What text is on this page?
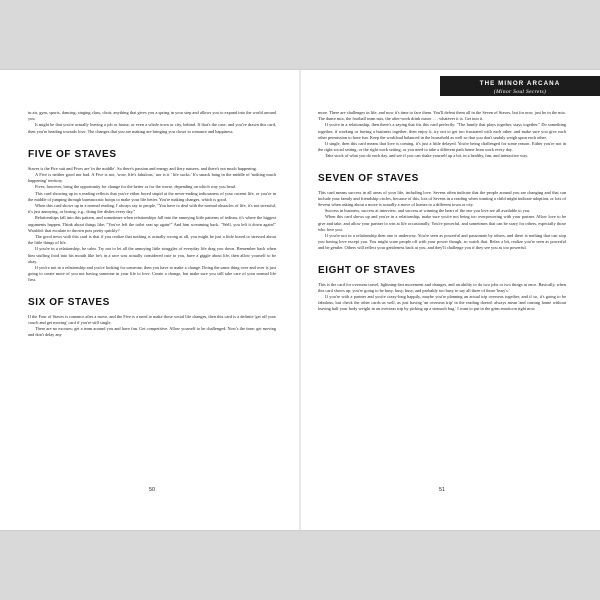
THE MINOR ARCANA
(Minor Soul Secrets)

in air, gym, sports, dancing, singing class, choir, anything that gives you a spring in your step and allows you to expand into the world around you.

It might be that you're actually leaving a job or house, or even a whole town or city, behind. If that's the case, and you've drawn this card, then you're heading towards love. The changes that you are making are bringing you closer to romance and happiness.

FIVE OF STAVES

Staves is the Fire suit and Fives are 'in the middle'. So there's passion and energy and fiery natures, and there's not much happening.

A Five is neither good nor bad. A Five is not, 'wow, life's fabulous,' nor is it ' life sucks.' It's smack bang in the middle of 'nothing much happening' territory.

Fives, however, bring the opportunity for change for the better or for the worse, depending on which way you head.

This card showing up in a reading reflects that you're either bored stupid at the never-ending tediousness of your current life, or you're in the middle of jumping through bureaucratic hoops to make your life better. You're making changes, which is good.

When this card shows up in a normal reading, I always say to people, "You have to deal with the normal obstacles of life, it's not stressful, it's just annoying, or boring, e.g., doing the dishes every day."

Relationships fall into this pattern, and sometimes when relationships fall into the annoying little patterns of tedium, it's where the biggest arguments happen. Think about things like, "You've left the toilet seat up again!" And him screaming back, "Well, you left it down again!" Wouldn't that escalate to thrown pots pretty quickly?

The good news with this card is that if you realize that nothing is actually wrong at all, you might be just a little bored or stressed about the little things of life.

If you're in a relationship, be calm. Try not to let all the annoying little struggles of everyday life drag you down. Remember back when him stuffing food into his mouth like he's in a race was actually considered cute to you, have a giggle about life, then allow yourself to be okay.

If you're not in a relationship and you're looking for someone, then you have to make a change. Doing the same thing over and over is just going to create more of you not having someone in your life to love. Create a change, but make sure you still take care of your normal life first.

SIX OF STAVES

If the Four of Staves is romance after a move, and the Five is a need to make those social life changes, then this card is a definite 'get off your couch and get moving' card if you're still single.

There are no excuses; get a team around you and have fun. Get competitive. Allow yourself to be challenged. Now's the time; get moving and don't delay any

more. There are challenges in life, and now it's time to face them. You'll defeat them all in the Seven of Staves, but for now, just be in the mix. The dance mix, the football team mix, the after-work drink mixer . . . whatever it is. Get into it.

If you're in a relationship, then there's a saying that fits this card perfectly: "The family that plays together, stays together." Do something together, if working or having a business together, then enjoy it, try not to get too frustrated with each other, and make sure you give each other permission to have fun. Keep the workload balanced in the household as well so that you don't unduly weigh upon each other.

If single, then this card means that love is coming, it's just a little delayed. You're being challenged for some reason. Either you're not in the right social setting, or the right work setting, or you need to take a different path home from work every day.

Take stock of what you do each day, and see if you can shake yourself up a bit, in a healthy, fun, and interactive way.

SEVEN OF STAVES

This card means success in all areas of your life, including love. Sevens often indicate that the people around you are changing and that can include your family and friendship circles, because of this, lots of Sevens in a reading when wanting a child might indicate adoption, or lots of Sevens when asking about a move is actually a move of homes to a different town or city.

Success in business, success at interview, and success at winning the heart of the one you love are all available to you.

When this card shows up and you're in a relationship, make sure you're not being too overpowering with your partner. Allow love to be give and take, and allow your partner to win at life occasionally. You're powerful, and sometimes that can be scary for others, especially those who love you.

If you're not in a relationship then one is underway. You're seen as powerful and passionate by others, and there is nothing that can stop you having love except you. You might scare people off with your power though, so watch that. Relax a bit, realize you're seen as powerful and be gentler. Others will reflect your gentleness back at you, and they'll challenge you if they see you as too powerful.

EIGHT OF STAVES

This is the card for overseas travel, lightning-fast movement and changes, and an ability to do two jobs or two things at once. Basically, when this card shows up, you're going to be busy, busy, busy, and probably too busy to say all three of those 'busy's.'

If you're with a partner and you're crazy-long happily, maybe you're planning an actual trip overseas together, and if so, it's going to be fabulous, but check the other cards as well, as just having 'an overseas trip' in the reading doesn't always mean 'and coming home without leaving half your body weight in an overseas trip by picking up a stomach bug.' I want to put in the grim emoticon right now.

50	51
